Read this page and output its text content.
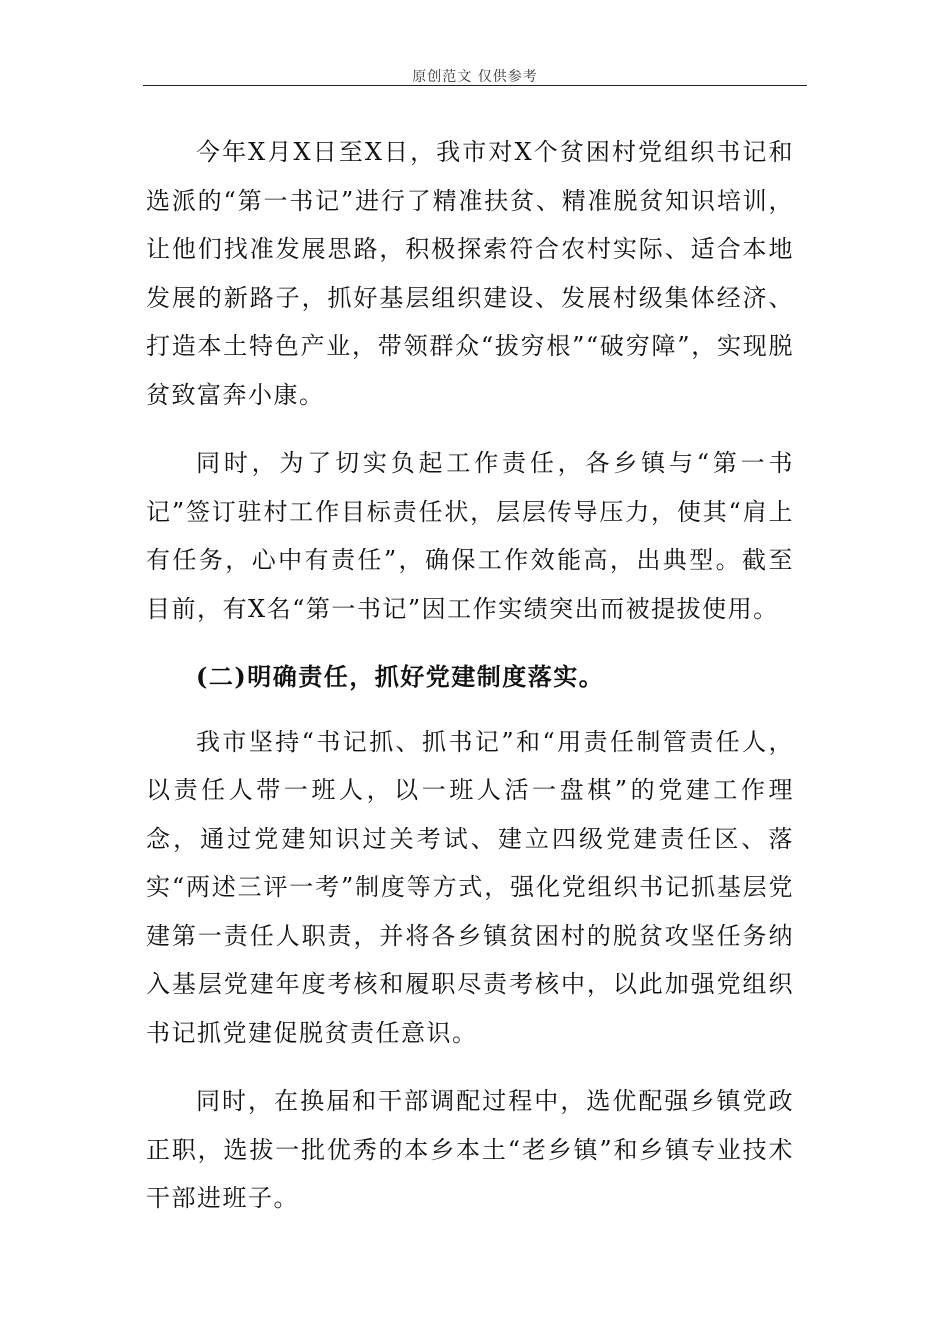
原创范文 仅供参考

今年X月X日至X日，我市对X个贫困村党组织书记和选派的“第一书记”进行了精准扶贫、精准脱贫知识培训，让他们找准发展思路，积极探索符合农村实际、适合本地发展的新路子，抓好基层组织建设、发展村级集体经济、打造本土特色产业，带领群众“拔穷根”“破穷障”，实现脱贫致富奔小康。

同时，为了切实负起工作责任，各乡镇与“第一书记”签订驻村工作目标责任状，层层传导压力，使其“肩上有任务，心中有责任”，确保工作效能高，出典型。截至目前，有X名“第一书记”因工作实绩突出而被提拔使用。

(二)明确责任，抓好党建制度落实。

我市坚持“书记抓、抓书记”和“用责任制管责任人，以责任人带一班人，以一班人活一盘棋”的党建工作理念，通过党建知识过关考试、建立四级党建责任区、落实“两述三评一考”制度等方式，强化党组织书记抓基层党建第一责任人职责，并将各乡镇贫困村的脱贫攻坚任务纳入基层党建年度考核和履职尽责考核中，以此加强党组织书记抓党建促脱贫责任意识。

同时，在换届和干部调配过程中，选优配强乡镇党政正职，选拔一批优秀的本乡本土“老乡镇”和乡镇专业技术干部进班子。
